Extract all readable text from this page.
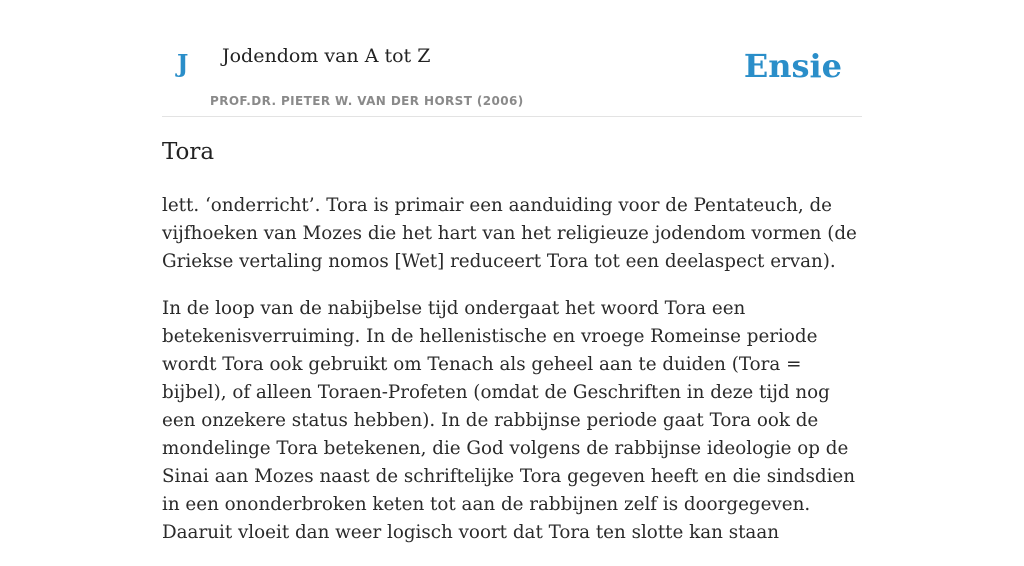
J Jodendom van A tot Z
PROF.DR. PIETER W. VAN DER HORST (2006)
Ensie
Tora

lett. ‘onderricht’. Tora is primair een aanduiding voor de Pentateuch, de vijfhoeken van Mozes die het hart van het religieuze jodendom vormen (de Griekse vertaling nomos [Wet] reduceert Tora tot een deelaspect ervan).

In de loop van de nabijbelse tijd ondergaat het woord Tora een betekenisverruiming. In de hellenistische en vroege Romeinse periode wordt Tora ook gebruikt om Tenach als geheel aan te duiden (Tora = bijbel), of alleen Toraen-Profeten (omdat de Geschriften in deze tijd nog een onzekere status hebben). In de rabbijnse periode gaat Tora ook de mondelinge Tora betekenen, die God volgens de rabbijnse ideologie op de Sinai aan Mozes naast de schriftelijke Tora gegeven heeft en die sindsdien in een ononderbroken keten tot aan de rabbijnen zelf is doorgegeven. Daaruit vloeit dan weer logisch voort dat Tora ten slotte kan staan
